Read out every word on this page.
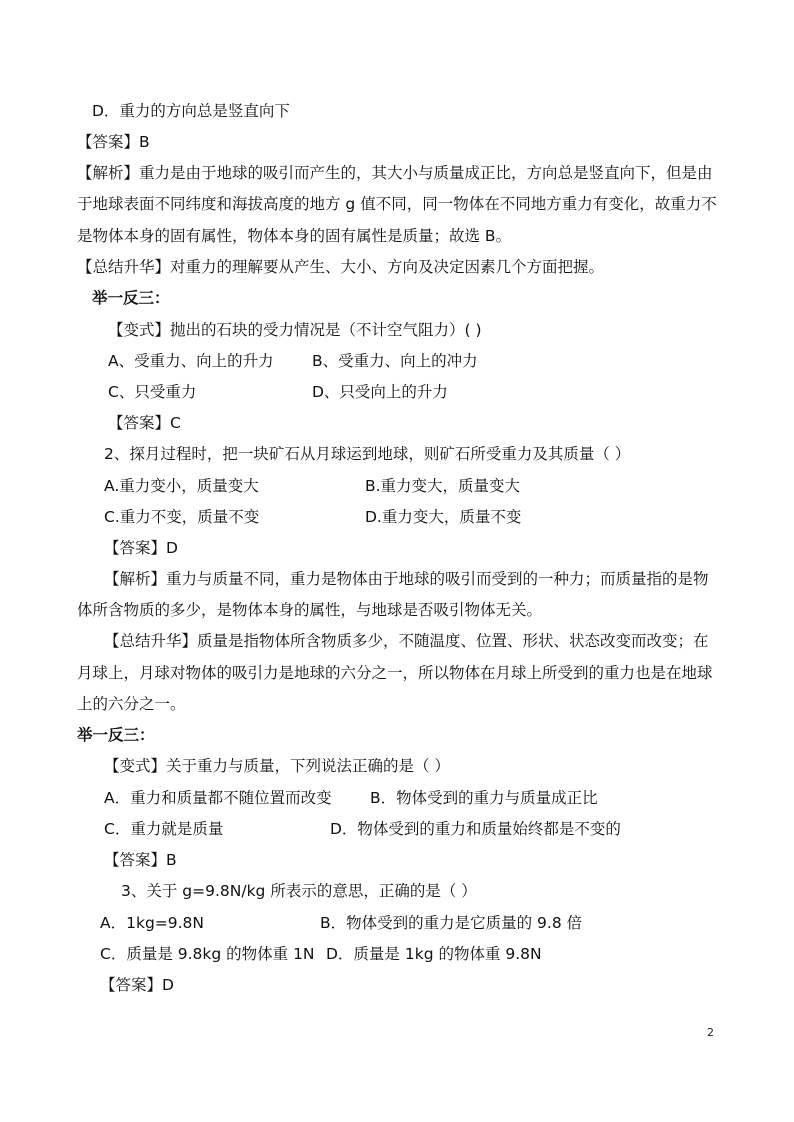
D．重力的方向总是竖直向下

【答案】B

【解析】重力是由于地球的吸引而产生的，其大小与质量成正比，方向总是竖直向下，但是由

于地球表面不同纬度和海拔高度的地方 g 值不同，同一物体在不同地方重力有变化，故重力不

是物体本身的固有属性，物体本身的固有属性是质量；故选 B。

【总结升华】对重力的理解要从产生、大小、方向及决定因素几个方面把握。

举一反三：

【变式】抛出的石块的受力情况是（不计空气阻力）( )

A、受重力、向上的升力 B、受重力、向上的冲力

C、只受重力	D、只受向上的升力

【答案】C

2、探月过程时，把一块矿石从月球运到地球，则矿石所受重力及其质量（ ）

A.重力变小，质量变大	B.重力变大，质量变大

C.重力不变，质量不变	D.重力变大，质量不变

【答案】D

【解析】重力与质量不同，重力是物体由于地球的吸引而受到的一种力；而质量指的是物

体所含物质的多少，是物体本身的属性，与地球是否吸引物体无关。

【总结升华】质量是指物体所含物质多少，不随温度、位置、形状、状态改变而改变；在

月球上，月球对物体的吸引力是地球的六分之一，所以物体在月球上所受到的重力也是在地球

上的六分之一。

举一反三：

【变式】关于重力与质量，下列说法正确的是（ ）

A．重力和质量都不随位置而改变 B．物体受到的重力与质量成正比

C．重力就是质量	D．物体受到的重力和质量始终都是不变的

【答案】B

3、关于 g=9.8N/kg 所表示的意思，正确的是（ ）

A．1kg=9.8N	B．物体受到的重力是它质量的 9.8 倍

C．质量是 9.8kg 的物体重 1N D．质量是 1kg 的物体重 9.8N

【答案】D

2
